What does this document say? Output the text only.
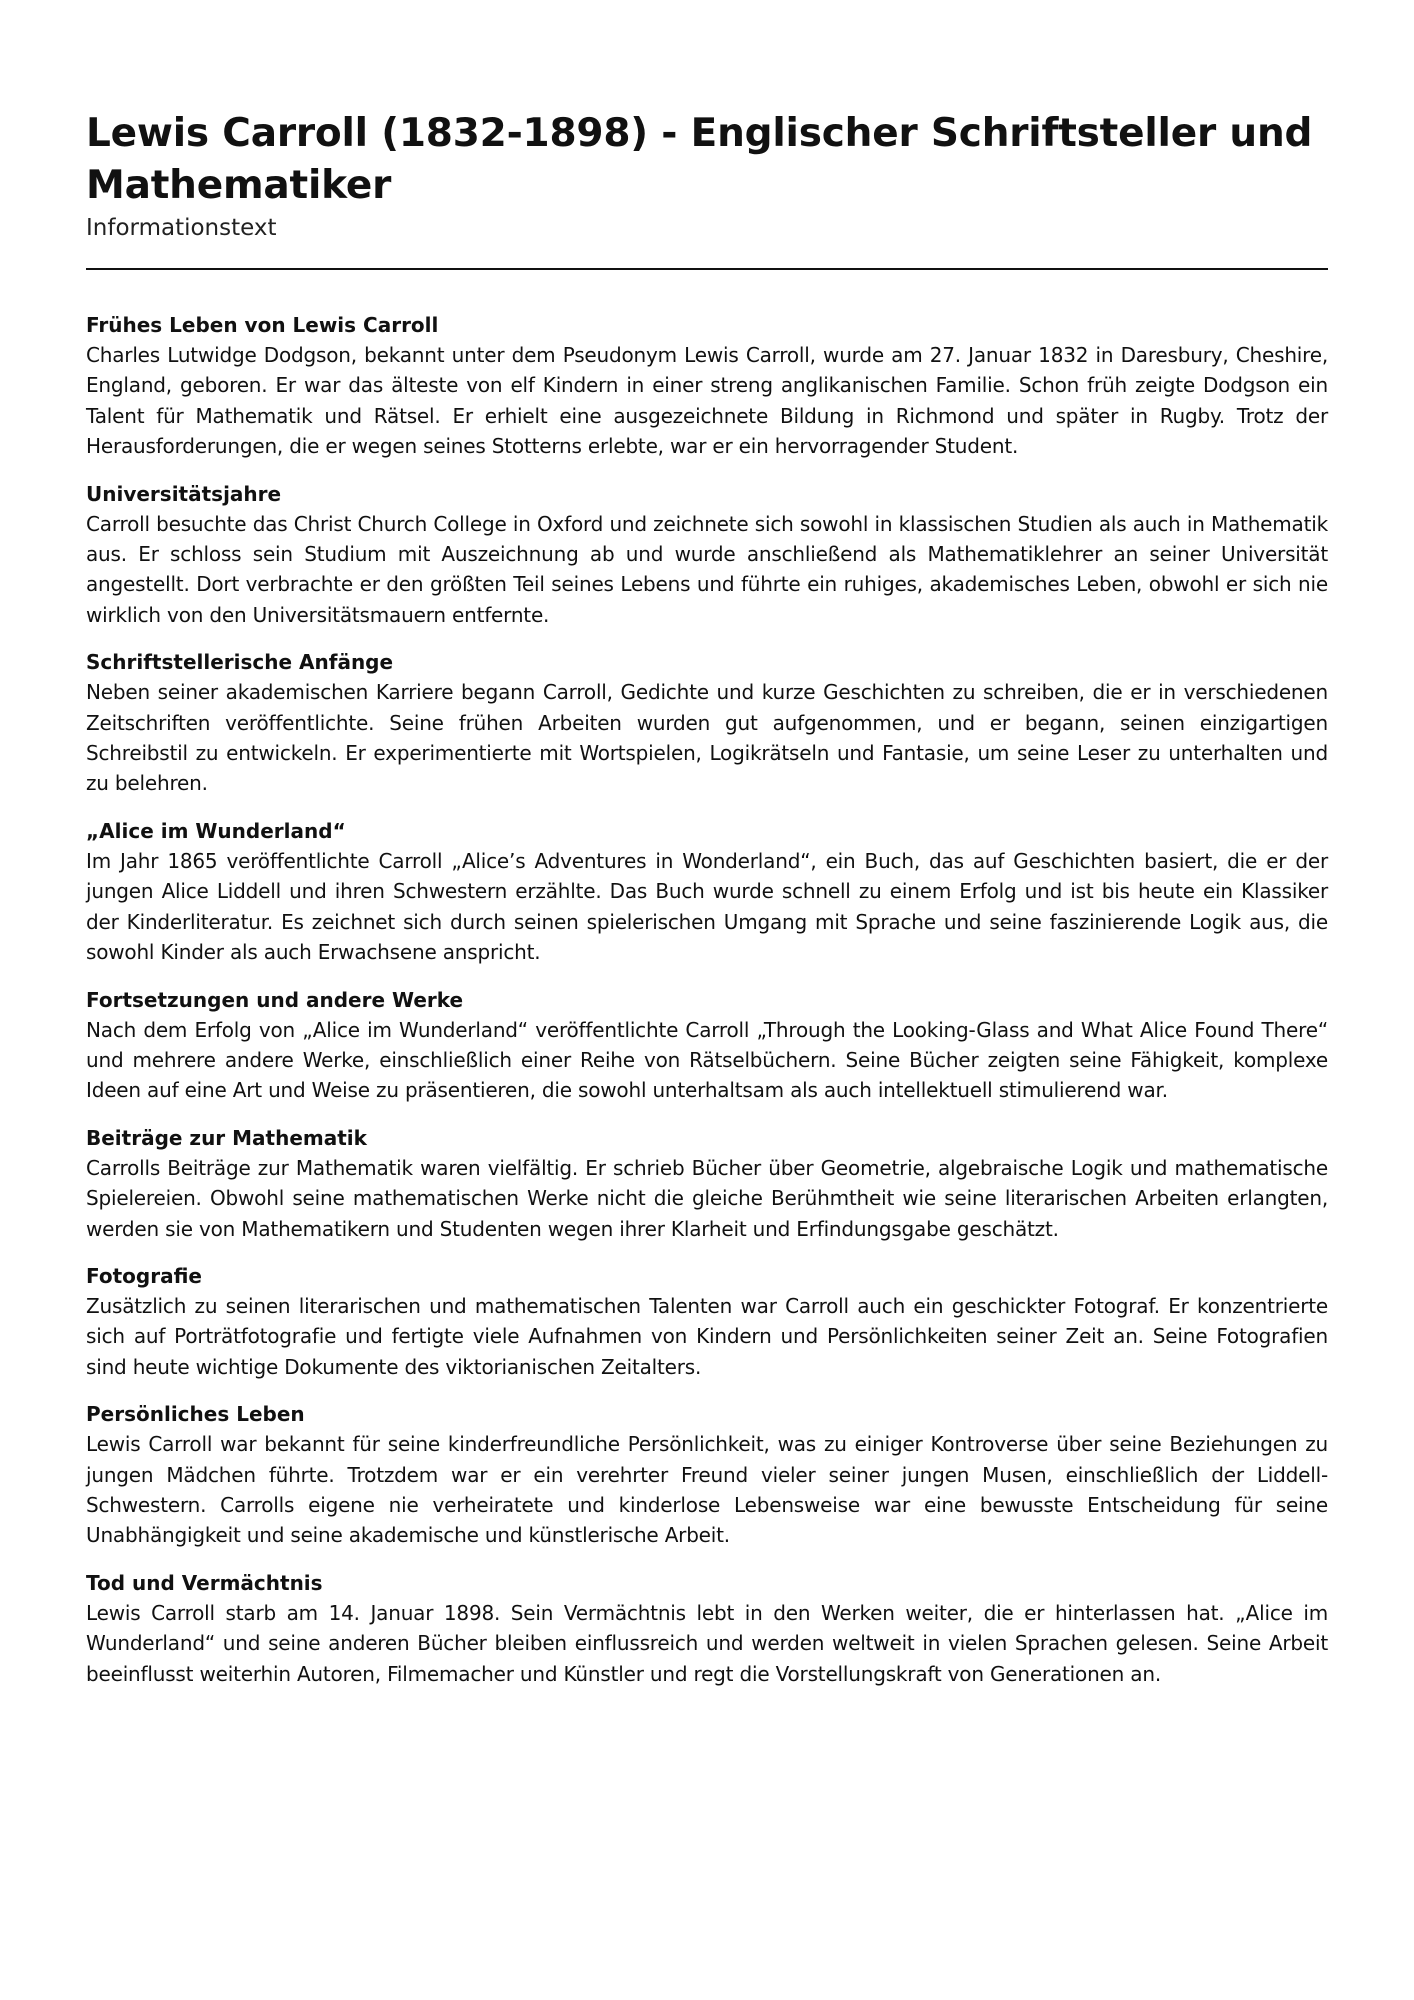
Lewis Carroll (1832-1898) - Englischer Schriftsteller und Mathematiker

Informationstext

Frühes Leben von Lewis Carroll

Charles Lutwidge Dodgson, bekannt unter dem Pseudonym Lewis Carroll, wurde am 27. Januar 1832 in Daresbury, Cheshire, England, geboren. Er war das älteste von elf Kindern in einer streng anglikanischen Familie. Schon früh zeigte Dodgson ein Talent für Mathematik und Rätsel. Er erhielt eine ausgezeichnete Bildung in Richmond und später in Rugby. Trotz der Herausforderungen, die er wegen seines Stotterns erlebte, war er ein hervorragender Student.

Universitätsjahre

Carroll besuchte das Christ Church College in Oxford und zeichnete sich sowohl in klassischen Studien als auch in Mathematik aus. Er schloss sein Studium mit Auszeichnung ab und wurde anschließend als Mathematiklehrer an seiner Universität angestellt. Dort verbrachte er den größten Teil seines Lebens und führte ein ruhiges, akademisches Leben, obwohl er sich nie wirklich von den Universitätsmauern entfernte.

Schriftstellerische Anfänge

Neben seiner akademischen Karriere begann Carroll, Gedichte und kurze Geschichten zu schreiben, die er in verschiedenen Zeitschriften veröffentlichte. Seine frühen Arbeiten wurden gut aufgenommen, und er begann, seinen einzigartigen Schreibstil zu entwickeln. Er experimentierte mit Wortspielen, Logikrätseln und Fantasie, um seine Leser zu unterhalten und zu belehren.

„Alice im Wunderland“

Im Jahr 1865 veröffentlichte Carroll „Alice’s Adventures in Wonderland“, ein Buch, das auf Geschichten basiert, die er der jungen Alice Liddell und ihren Schwestern erzählte. Das Buch wurde schnell zu einem Erfolg und ist bis heute ein Klassiker der Kinderliteratur. Es zeichnet sich durch seinen spielerischen Umgang mit Sprache und seine faszinierende Logik aus, die sowohl Kinder als auch Erwachsene anspricht.

Fortsetzungen und andere Werke

Nach dem Erfolg von „Alice im Wunderland“ veröffentlichte Carroll „Through the Looking-Glass and What Alice Found There“ und mehrere andere Werke, einschließlich einer Reihe von Rätselbüchern. Seine Bücher zeigten seine Fähigkeit, komplexe Ideen auf eine Art und Weise zu präsentieren, die sowohl unterhaltsam als auch intellektuell stimulierend war.

Beiträge zur Mathematik

Carrolls Beiträge zur Mathematik waren vielfältig. Er schrieb Bücher über Geometrie, algebraische Logik und mathematische Spielereien. Obwohl seine mathematischen Werke nicht die gleiche Berühmtheit wie seine literarischen Arbeiten erlangten, werden sie von Mathematikern und Studenten wegen ihrer Klarheit und Erfindungsgabe geschätzt.

Fotografie

Zusätzlich zu seinen literarischen und mathematischen Talenten war Carroll auch ein geschickter Fotograf. Er konzentrierte sich auf Porträtfotografie und fertigte viele Aufnahmen von Kindern und Persönlichkeiten seiner Zeit an. Seine Fotografien sind heute wichtige Dokumente des viktorianischen Zeitalters.

Persönliches Leben

Lewis Carroll war bekannt für seine kinderfreundliche Persönlichkeit, was zu einiger Kontroverse über seine Beziehungen zu jungen Mädchen führte. Trotzdem war er ein verehrter Freund vieler seiner jungen Musen, einschließlich der Liddell-Schwestern. Carrolls eigene nie verheiratete und kinderlose Lebensweise war eine bewusste Entscheidung für seine Unabhängigkeit und seine akademische und künstlerische Arbeit.

Tod und Vermächtnis

Lewis Carroll starb am 14. Januar 1898. Sein Vermächtnis lebt in den Werken weiter, die er hinterlassen hat. „Alice im Wunderland“ und seine anderen Bücher bleiben einflussreich und werden weltweit in vielen Sprachen gelesen. Seine Arbeit beeinflusst weiterhin Autoren, Filmemacher und Künstler und regt die Vorstellungskraft von Generationen an.
